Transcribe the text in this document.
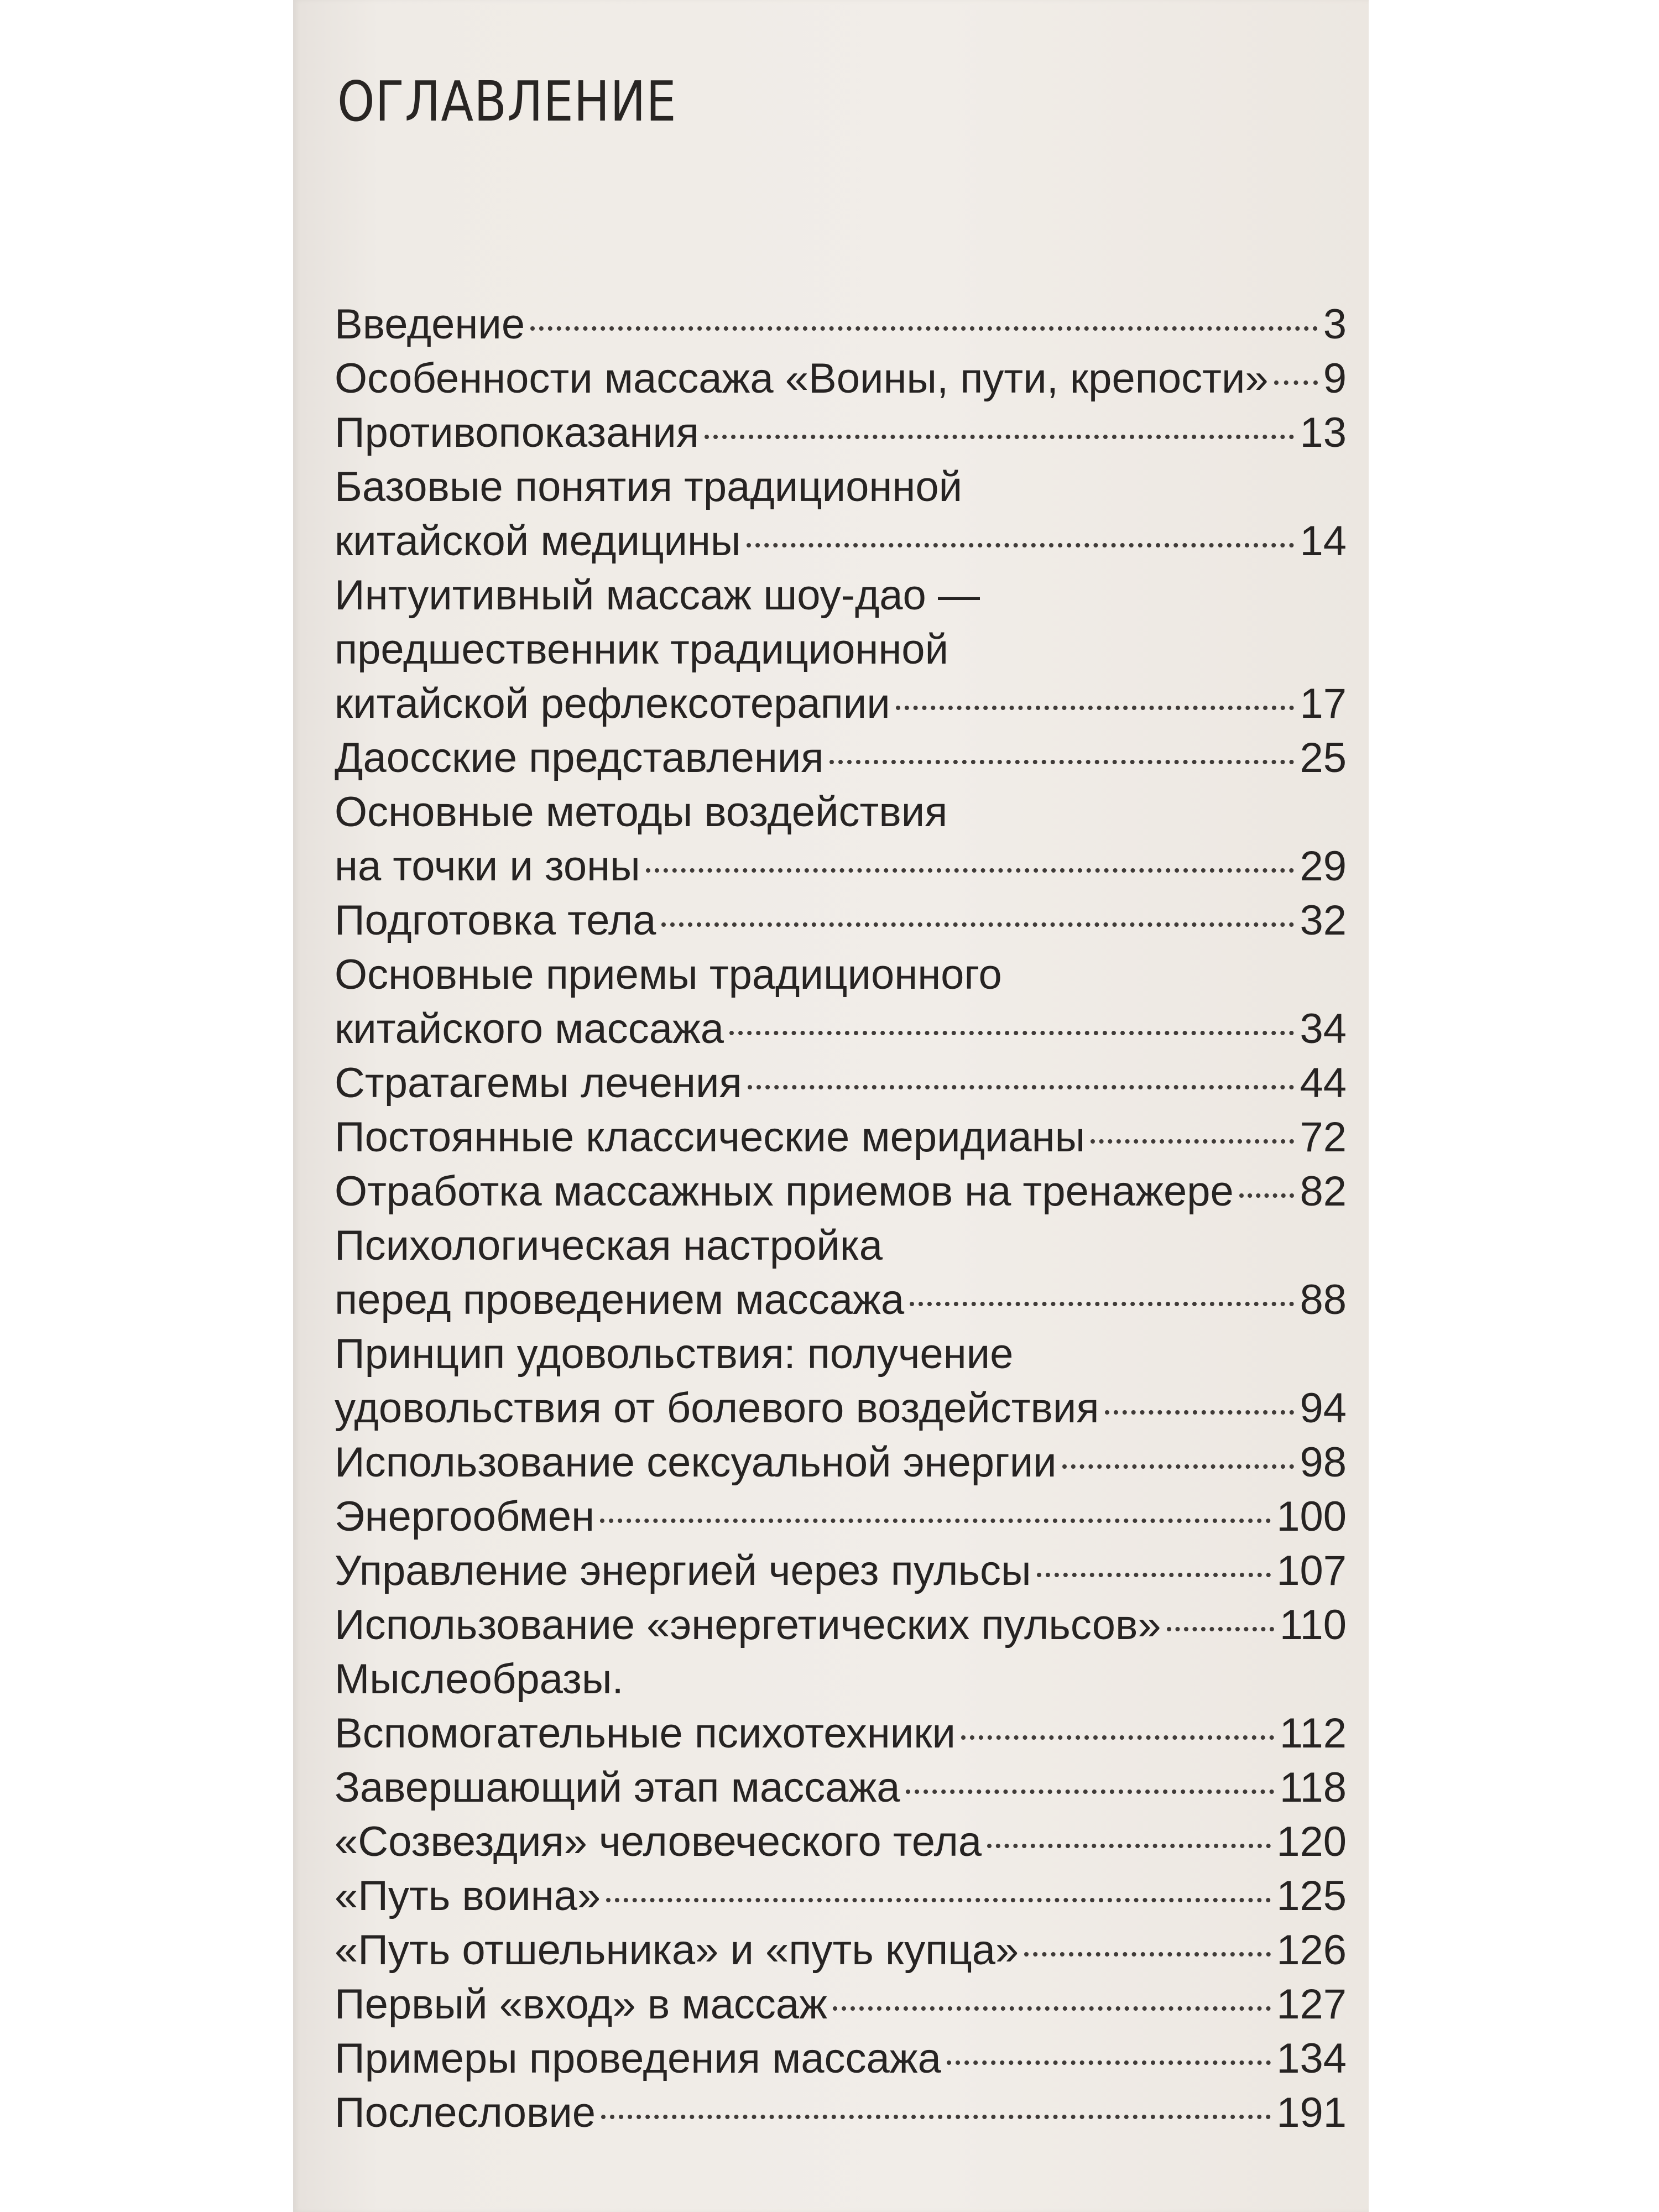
ОГЛАВЛЕНИЕ
Введение	3
Особенности массажа «Воины, пути, крепости» 9
Противопоказания	13
Базовые понятия традиционной
китайской медицины	14
Интуитивный массаж шоу-дао —
предшественник традиционной
китайской рефлексотерапии	17
Даосские представления	25
Основные методы воздействия
на точки и зоны	29
Подготовка тела	32
Основные приемы традиционного
китайского массажа	34
Стратагемы лечения	44
Постоянные классические меридианы	72
Отработка массажных приемов на тренажере 82
Психологическая настройка
перед проведением массажа	88
Принцип удовольствия: получение
удовольствия от болевого воздействия	94
Использование сексуальной энергии	98
Энергообмен	100
Управление энергией через пульсы	107
Использование «энергетических пульсов»	110
Мыслеобразы.
Вспомогательные психотехники	112
Завершающий этап массажа	118
«Созвездия» человеческого тела	120
«Путь воина»	125
«Путь отшельника» и «путь купца»	126
Первый «вход» в массаж	127
Примеры проведения массажа	134
Послесловие	191
